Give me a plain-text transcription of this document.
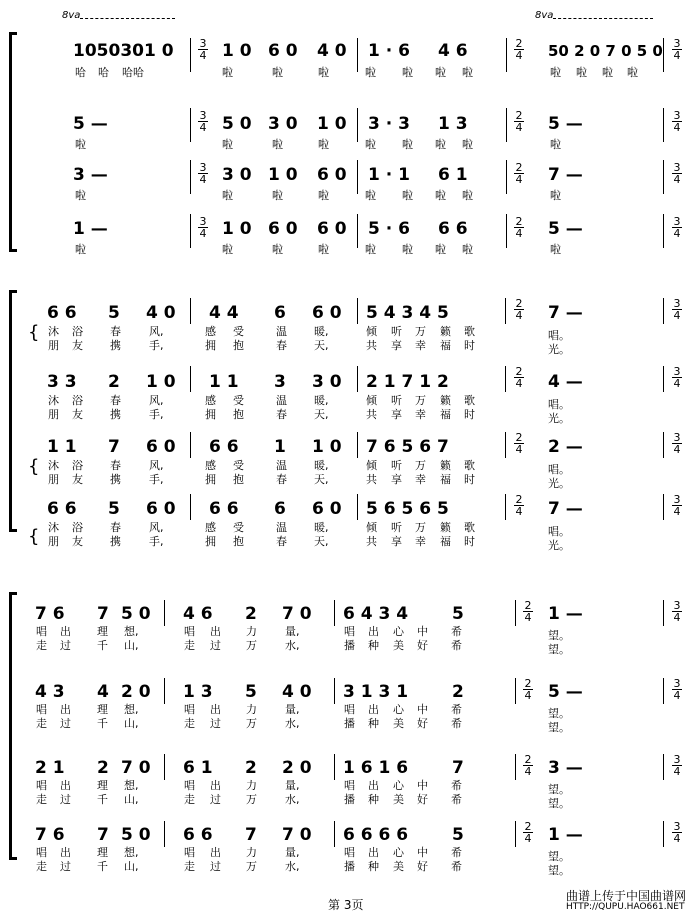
8va	8va
1050301 0 3
4 1 0 6 0 4 0 1 · 6 4 6	2
4 50 2 0 7 0 5 0 3
4
哈 哈 哈哈	啦	啦	啦	啦 啦 啦 啦	啦 啦 啦 啦
5 —	3
4 5 0 3 0 1 0 3 · 3 1 3	2
4 5 —	3
4
啦	啦	啦	啦	啦 啦 啦 啦	啦
3 —	3
4 3 0 1 0 6 0 1 · 1 6 1	2
4 7 —	3
4
啦	啦	啦	啦	啦 啦 啦 啦	啦
1 —	3
4 1 0 6 0 6 0 5 · 6 6 6	2
4 5 —	3
4
啦	啦	啦	啦	啦 啦 啦 啦	啦
6 6 5 4 0 4 4 6 6 0 5 4 3 4 5	2
4 7 —	3
4
{ 沐 浴 春	风,	感 受	温 暖,	倾 听 万 籁 歌	唱。
朋 友 携	手,	拥 抱	春 天,	共 享 幸 福 时	光。
3 3 2 1 0 1 1 3 3 0 2 1 7 1 2
2
4 4 —
3
4
沐 浴 春	风,	感 受	温 暖,	倾 听 万 籁 歌	唱。
朋 友 携	手,	拥 抱	春 天,	共 享 幸 福 时	光。
1 1 7 6 0 6 6 1 1 0 7 6 5 6 7	2
4 2 —	3
4
{ 沐 浴 春	风,	感 受	温 暖,	倾 听 万 籁 歌	唱。
朋 友 携	手,	拥 抱	春 天,	共 享 幸 福 时	光。
6 6 5 6 0 6 6 6 6 0 5 6 5 6 5	2
4 7 —	3
4
{ 沐 浴 春	风,	感 受	温 暖,	倾 听 万 籁 歌	唱。
朋 友 携	手,	拥 抱	春 天,	共 享 幸 福 时	光。
7 6 7 5 0 4 6 2 7 0 6 4 3 4	5	2
4 1 —	3
4
唱 出 理 想,	唱 出 力	量,	唱 出 心 中 希	望。
走 过 千 山,	走 过 万	水,	播 种 美 好 希	望。
4 3 4 2 0 1 3 5 4 0 3 1 3 1	2	2
4 5 —	3
4
唱 出 理 想,	唱 出 力	量,	唱 出 心 中 希	望。
走 过 千 山,	走 过 万	水,	播 种 美 好 希	望。
2 1 2 7 0 6 1 2 2 0 1 6 1 6	7	2
4 3 —	3
4
唱 出 理 想,	唱 出 力	量,	唱 出 心 中 希	望。
走 过 千 山,	走 过 万	水,	播 种 美 好 希	望。
7 6 7 5 0 6 6 7 7 0 6 6 6 6	5	2
4 1 —	3
4
唱 出 理 想,	唱 出 力	量,	唱 出 心 中 希	望。
走 过 千 山,	走 过 万	水,	播 种 美 好 希	望。
第 3页
曲谱上传于中国曲谱网
HTTP://QUPU.HAO661.NET
